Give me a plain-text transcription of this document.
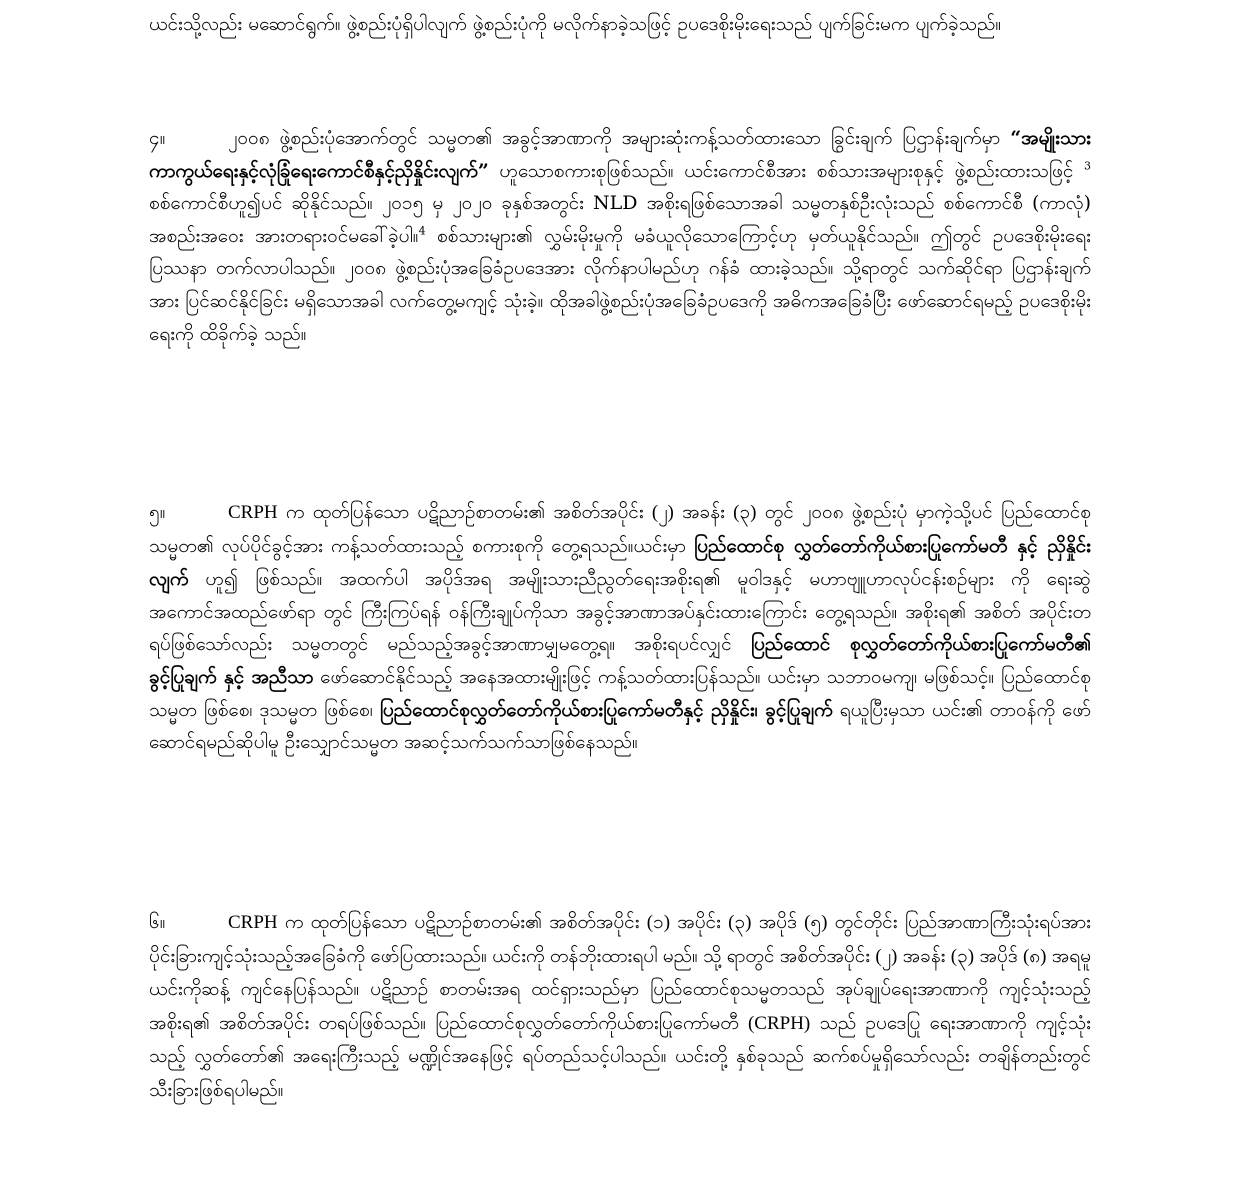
ယင်းသို့လည်း မဆောင်ရွက်။ ဖွဲ့စည်းပုံရှိပါလျက် ဖွဲ့စည်းပုံကို မလိုက်နာခဲ့သဖြင့် ဥပဒေစိုးမိုးရေးသည် ပျက်ခြင်းမက ပျက်ခဲ့သည်။
၄။	၂၀၀၈ ဖွဲ့စည်းပုံအောက်တွင် သမ္မတ၏ အခွင့်အာဏာကို အများဆုံးကန့်သတ်ထားသော ခြွင်းချက် ပြဌာန်းချက်မှာ “အမျိုးသားကာကွယ်ရေးနှင့်လုံခြုံရေးကောင်စီနှင့်ညှိနှိုင်းလျက်” ဟူသောစကားစုဖြစ်သည်။ ယင်းကောင်စီအား စစ်သားအများစုနှင့် ဖွဲ့စည်းထားသဖြင့် $^3$ စစ်ကောင်စီဟူ၍ပင် ဆိုနိုင်သည်။ ၂၀၁၅ မှ ၂၀၂၀ ခုနှစ်အတွင်း NLD အစိုးရဖြစ်သောအခါ သမ္မတနှစ်ဦးလုံးသည် စစ်ကောင်စီ (ကာလုံ) အစည်းအဝေး အားတရားဝင်မခေါ်ခဲ့ပါ။$^4$ စစ်သားများ၏ လွှမ်းမိုးမှုကို မခံယူလိုသောကြောင့်ဟု မှတ်ယူနိုင်သည်။ ဤတွင် ဥပဒေစိုးမိုးရေးပြဿနာ တက်လာပါသည်။ ၂၀၀၈ ဖွဲ့စည်းပုံအခြေခံဥပဒေအား လိုက်နာပါမည်ဟု ဂန်ခံ ထားခဲ့သည်။ သို့ရာတွင် သက်ဆိုင်ရာ ပြဌာန်းချက်အား ပြင်ဆင်နိုင်ခြင်း မရှိသောအခါ လက်တွေ့မကျင့် သုံးခဲ့။ ထိုအခါဖွဲ့စည်းပုံအခြေခံဥပဒေကို အဓိကအခြေခံပြီး ဖော်ဆောင်ရမည့် ဥပဒေစိုးမိုးရေးကို ထိခိုက်ခဲ့ သည်။
၅။	CRPH က ထုတ်ပြန်သော ပဋိညာဉ်စာတမ်း၏ အစိတ်အပိုင်း (၂) အခန်း (၃) တွင် ၂၀၀၈ ဖွဲ့စည်းပုံ မှာကဲ့သို့ပင် ပြည်ထောင်စု သမ္မတ၏ လုပ်ပိုင်ခွင့်အား ကန့်သတ်ထားသည့် စကားစုကို တွေ့ရသည်။ယင်းမှာ ပြည်ထောင်စု လွှတ်တော်ကိုယ်စားပြုကော်မတီ နှင့် ညှိနှိုင်းလျက် ဟူ၍ ဖြစ်သည်။ အထက်ပါ အပိုဒ်အရ အမျိုးသားညီညွတ်ရေးအစိုးရ၏ မူဝါဒနှင့် မဟာဗျူဟာလုပ်ငန်းစဉ်များ ကို ရေးဆွဲ အကောင်အထည်ဖော်ရာ တွင် ကြီးကြပ်ရန် ဝန်ကြီးချုပ်ကိုသာ အခွင့်အာဏာအပ်နှင်းထားကြောင်း တွေ့ရသည်။ အစိုးရ၏ အစိတ် အပိုင်းတရပ်ဖြစ်သော်လည်း သမ္မတတွင် မည်သည့်အခွင့်အာဏာမျှမတွေ့ရ။ အစိုးရပင်လျှင် ပြည်ထောင် စုလွှတ်တော်ကိုယ်စားပြုကော်မတီ၏ ခွင့်ပြုချက် နှင့် အညီသာ ဖော်ဆောင်နိုင်သည့် အနေအထားမျိုးဖြင့် ကန့်သတ်ထားပြန်သည်။ ယင်းမှာ သဘာဝမကျ၊ မဖြစ်သင့်။ ပြည်ထောင်စု သမ္မတ ဖြစ်စေ၊ ဒုသမ္မတ ဖြစ်စေ၊ ပြည်ထောင်စုလွှတ်တော်ကိုယ်စားပြုကော်မတီနှင့် ညှိနှိုင်း၊ ခွင့်ပြုချက် ရယူပြီးမှသာ ယင်း၏ တာဝန်ကို ဖော်ဆောင်ရမည်ဆိုပါမူ ဦးသျှောင်သမ္မတ အဆင့်သက်သက်သာဖြစ်နေသည်။
၆။	CRPH က ထုတ်ပြန်သော ပဋိညာဉ်စာတမ်း၏ အစိတ်အပိုင်း (၁) အပိုင်း (၃) အပိုဒ် (၅) တွင်တိုင်း ပြည်အာဏာကြီးသုံးရပ်အား ပိုင်းခြားကျင့်သုံးသည့်အခြေခံကို ဖော်ပြထားသည်။ ယင်းကို တန်ဘိုးထားရပါ မည်။ သို့ ရာတွင် အစိတ်အပိုင်း (၂) အခန်း (၃) အပိုဒ် (၈) အရမူ ယင်းကိုဆန့် ကျင်နေပြန်သည်။ ပဋိညာဉ် စာတမ်းအရ ထင်ရှားသည်မှာ ပြည်ထောင်စုသမ္မတသည် အုပ်ချုပ်ရေးအာဏာကို ကျင့်သုံးသည့်အစိုးရ၏ အစိတ်အပိုင်း တရပ်ဖြစ်သည်။ ပြည်ထောင်စုလွှတ်တော်ကိုယ်စားပြုကော်မတီ (CRPH) သည် ဥပဒေပြု ရေးအာဏာကို ကျင့်သုံးသည့် လွှတ်တော်၏ အရေးကြီးသည့် မဏ္ဍိုင်အနေဖြင့် ရပ်တည်သင့်ပါသည်။ ယင်းတို့ နှစ်ခုသည် ဆက်စပ်မှုရှိသော်လည်း တချိန်တည်းတွင် သီးခြားဖြစ်ရပါမည်။
